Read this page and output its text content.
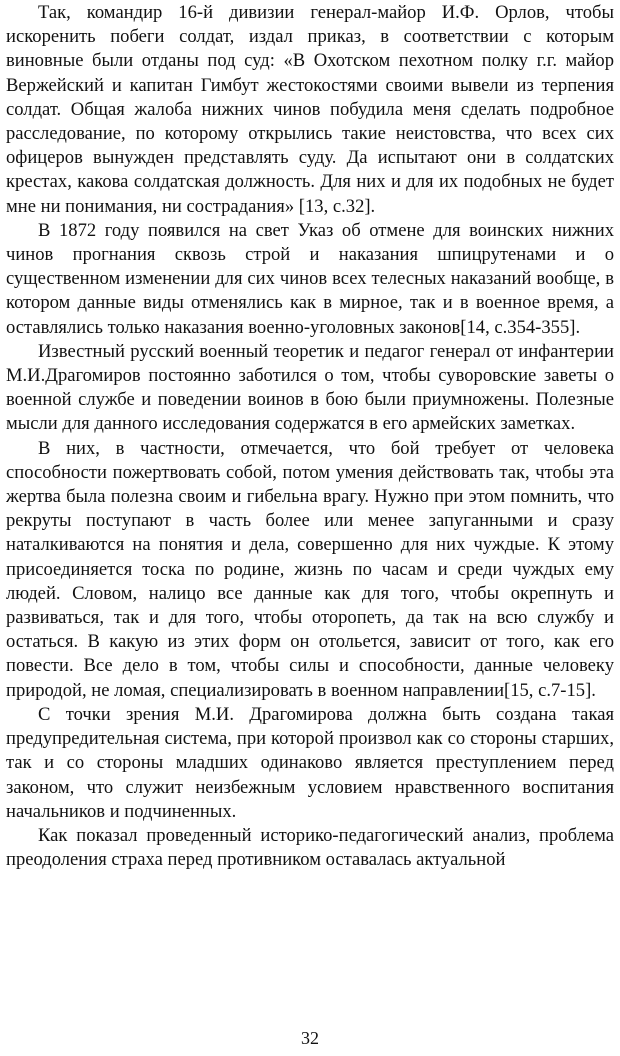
Так, командир 16-й дивизии генерал-майор И.Ф. Орлов, чтобы искоренить побеги солдат, издал приказ, в соответствии с которым виновные были отданы под суд: «В Охотском пехотном полку г.г. майор Вержейский и капитан Гимбут жестокостями своими вывели из терпения солдат. Общая жалоба нижних чинов побудила меня сделать подробное расследование, по которому открылись такие неистовства, что всех сих офицеров вынужден представлять суду. Да испытают они в солдатских крестах, какова солдатская должность. Для них и для их подобных не будет мне ни понимания, ни сострадания» [13, с.32].

В 1872 году появился на свет Указ об отмене для воинских нижних чинов прогнания сквозь строй и наказания шпицрутенами и о существенном изменении для сих чинов всех телесных наказаний вообще, в котором данные виды отменялись как в мирное, так и в военное время, а оставлялись только наказания военно-уголовных законов[14, с.354-355].

Известный русский военный теоретик и педагог генерал от инфантерии М.И.Драгомиров постоянно заботился о том, чтобы суворовские заветы о военной службе и поведении воинов в бою были приумножены. Полезные мысли для данного исследования содержатся в его армейских заметках.

В них, в частности, отмечается, что бой требует от человека способности пожертвовать собой, потом умения действовать так, чтобы эта жертва была полезна своим и гибельна врагу. Нужно при этом помнить, что рекруты поступают в часть более или менее запуганными и сразу наталкиваются на понятия и дела, совершенно для них чуждые. К этому присоединяется тоска по родине, жизнь по часам и среди чуждых ему людей. Словом, налицо все данные как для того, чтобы окрепнуть и развиваться, так и для того, чтобы оторопеть, да так на всю службу и остаться. В какую из этих форм он отольется, зависит от того, как его повести. Все дело в том, чтобы силы и способности, данные человеку природой, не ломая, специализировать в военном направлении[15, с.7-15].

С точки зрения М.И. Драгомирова должна быть создана такая предупредительная система, при которой произвол как со стороны старших, так и со стороны младших одинаково является преступлением перед законом, что служит неизбежным условием нравственного воспитания начальников и подчиненных.

Как показал проведенный историко-педагогический анализ, проблема преодоления страха перед противником оставалась актуальной

32
